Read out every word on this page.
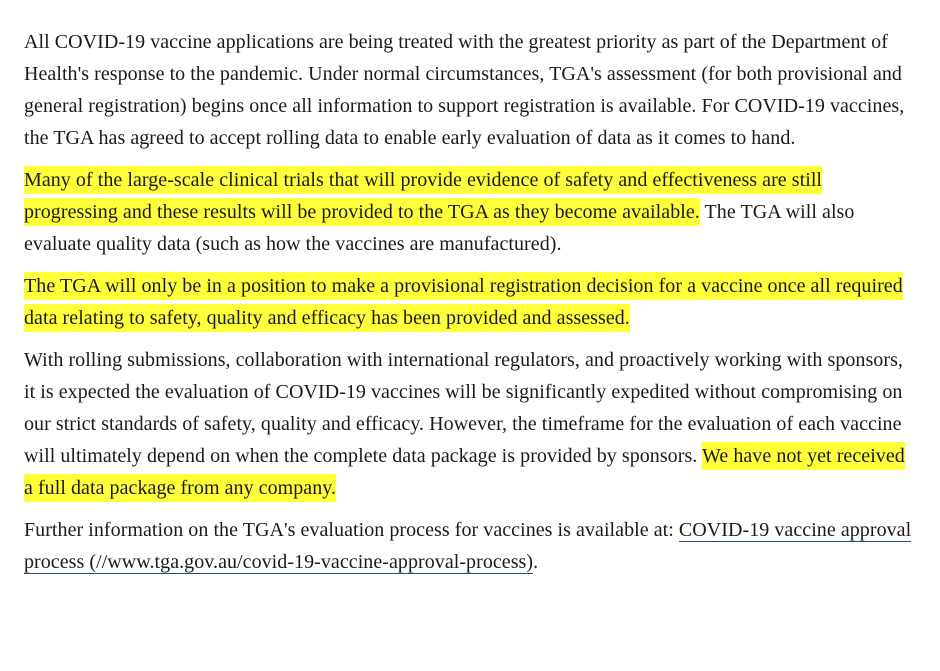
All COVID-19 vaccine applications are being treated with the greatest priority as part of the Department of Health's response to the pandemic. Under normal circumstances, TGA's assessment (for both provisional and general registration) begins once all information to support registration is available. For COVID-19 vaccines, the TGA has agreed to accept rolling data to enable early evaluation of data as it comes to hand.

Many of the large-scale clinical trials that will provide evidence of safety and effectiveness are still progressing and these results will be provided to the TGA as they become available. The TGA will also evaluate quality data (such as how the vaccines are manufactured).

The TGA will only be in a position to make a provisional registration decision for a vaccine once all required data relating to safety, quality and efficacy has been provided and assessed.

With rolling submissions, collaboration with international regulators, and proactively working with sponsors, it is expected the evaluation of COVID-19 vaccines will be significantly expedited without compromising on our strict standards of safety, quality and efficacy. However, the timeframe for the evaluation of each vaccine will ultimately depend on when the complete data package is provided by sponsors. We have not yet received a full data package from any company.

Further information on the TGA's evaluation process for vaccines is available at: COVID-19 vaccine approval process (//www.tga.gov.au/covid-19-vaccine-approval-process).
